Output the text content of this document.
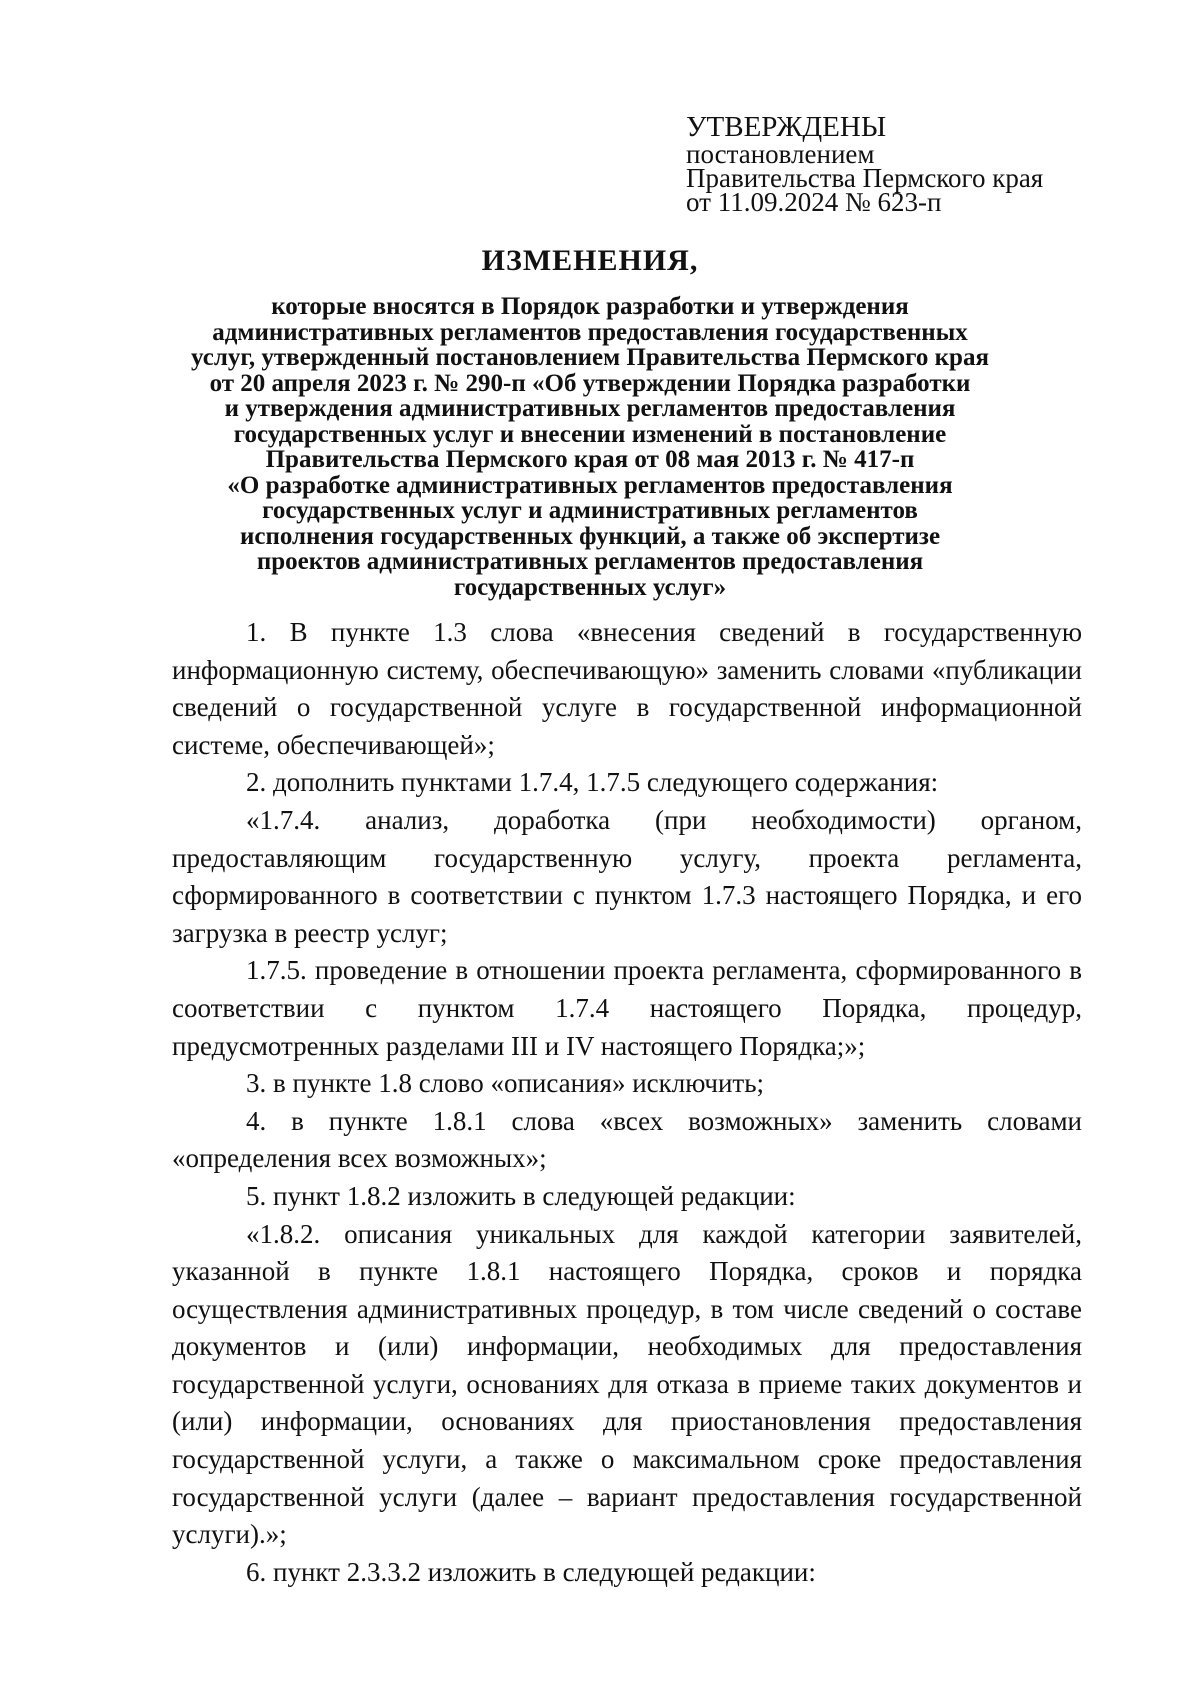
УТВЕРЖДЕНЫ
постановлением
Правительства Пермского края
от 11.09.2024 № 623-п
ИЗМЕНЕНИЯ,
которые вносятся в Порядок разработки и утверждения
административных регламентов предоставления государственных
услуг, утвержденный постановлением Правительства Пермского края
от 20 апреля 2023 г. № 290-п «Об утверждении Порядка разработки
и утверждения административных регламентов предоставления
государственных услуг и внесении изменений в постановление
Правительства Пермского края от 08 мая 2013 г. № 417-п
«О разработке административных регламентов предоставления
государственных услуг и административных регламентов
исполнения государственных функций, а также об экспертизе
проектов административных регламентов предоставления
государственных услуг»

1. В пункте 1.3 слова «внесения сведений в государственную информационную систему, обеспечивающую» заменить словами «публикации сведений о государственной услуге в государственной информационной системе, обеспечивающей»;

2. дополнить пунктами 1.7.4, 1.7.5 следующего содержания:

«1.7.4. анализ, доработка (при необходимости) органом, предоставляющим государственную услугу, проекта регламента, сформированного в соответствии с пунктом 1.7.3 настоящего Порядка, и его загрузка в реестр услуг;

1.7.5. проведение в отношении проекта регламента, сформированного в соответствии с пунктом 1.7.4 настоящего Порядка, процедур, предусмотренных разделами III и IV настоящего Порядка;»;

3. в пункте 1.8 слово «описания» исключить;

4. в пункте 1.8.1 слова «всех возможных» заменить словами «определения всех возможных»;

5. пункт 1.8.2 изложить в следующей редакции:

«1.8.2. описания уникальных для каждой категории заявителей, указанной в пункте 1.8.1 настоящего Порядка, сроков и порядка осуществления административных процедур, в том числе сведений о составе документов и (или) информации, необходимых для предоставления государственной услуги, основаниях для отказа в приеме таких документов и (или) информации, основаниях для приостановления предоставления государственной услуги, а также о максимальном сроке предоставления государственной услуги (далее – вариант предоставления государственной услуги).»;

6. пункт 2.3.3.2 изложить в следующей редакции:
